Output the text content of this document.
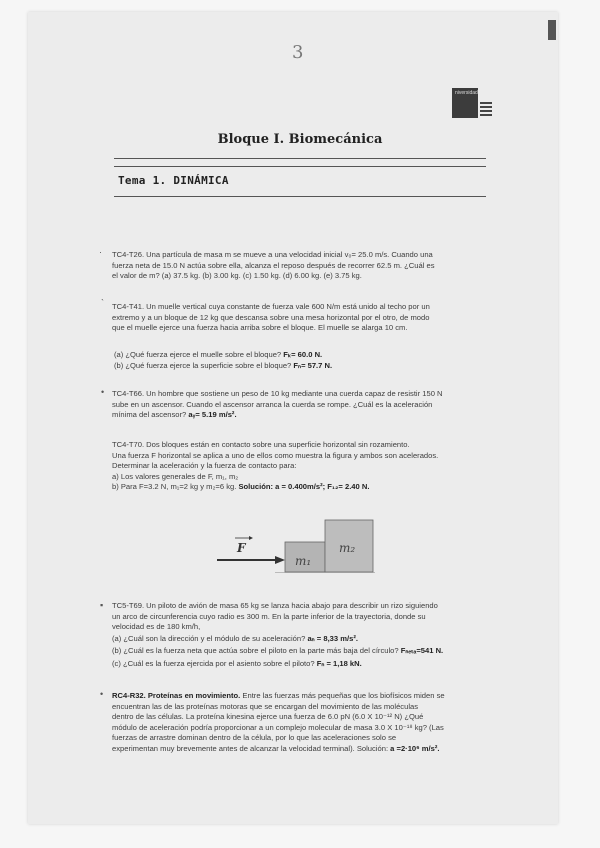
3
niversidad
Bloque I. Biomecánica
Tema 1. DINÁMICA
· TC4-T26. Una partícula de masa m se mueve a una velocidad inicial v₀= 25.0 m/s. Cuando una
fuerza neta de 15.0 N actúa sobre ella, alcanza el reposo después de recorrer 62.5 m. ¿Cuál es
el valor de m? (a) 37.5 kg. (b) 3.00 kg. (c) 1.50 kg. (d) 6.00 kg. (e) 3.75 kg.
` TC4-T41. Un muelle vertical cuya constante de fuerza vale 600 N/m está unido al techo por un
extremo y a un bloque de 12 kg que descansa sobre una mesa horizontal por el otro, de modo
que el muelle ejerce una fuerza hacia arriba sobre el bloque. El muelle se alarga 10 cm.
(a) ¿Qué fuerza ejerce el muelle sobre el bloque? Fₖ= 60.0 N.
(b) ¿Qué fuerza ejerce la superficie sobre el bloque? Fₙ= 57.7 N.
• TC4-T66. Un hombre que sostiene un peso de 10 kg mediante una cuerda capaz de resistir 150 N
sube en un ascensor. Cuando el ascensor arranca la cuerda se rompe. ¿Cuál es la aceleración
mínima del ascensor? aᵧ= 5.19 m/s².
TC4-T70. Dos bloques están en contacto sobre una superficie horizontal sin rozamiento.
Una fuerza F horizontal se aplica a uno de ellos como muestra la figura y ambos son acelerados.
Determinar la aceleración y la fuerza de contacto para:
a) Los valores generales de F, m₁, m₂
b) Para F=3.2 N, m₁=2 kg y m₂=6 kg. Solución: a = 0.400m/s²; F₁₂= 2.40 N.
F
m₁
m₂
▪ TC5-T69. Un piloto de avión de masa 65 kg se lanza hacia abajo para describir un rizo siguiendo
un arco de circunferencia cuyo radio es 300 m. En la parte inferior de la trayectoria, donde su
velocidad es de 180 km/h,
(a) ¿Cuál son la dirección y el módulo de su aceleración? aₙ = 8,33 m/s².
(b) ¿Cuál es la fuerza neta que actúa sobre el piloto en la parte más baja del círculo? Fₙₑₜₐ=541 N.
(c) ¿Cuál es la fuerza ejercida por el asiento sobre el piloto? Fₙ = 1,18 kN.
• RC4-R32. Proteínas en movimiento. Entre las fuerzas más pequeñas que los biofísicos miden se
encuentran las de las proteínas motoras que se encargan del movimiento de las moléculas
dentro de las células. La proteína kinesina ejerce una fuerza de 6.0 pN (6.0 X 10⁻¹² N) ¿Qué
módulo de aceleración podría proporcionar a un complejo molecular de masa 3.0 X 10⁻¹⁸ kg? (Las
fuerzas de arrastre dominan dentro de la célula, por lo que las aceleraciones solo se
experimentan muy brevemente antes de alcanzar la velocidad terminal). Solución: a =2·10⁶ m/s².
